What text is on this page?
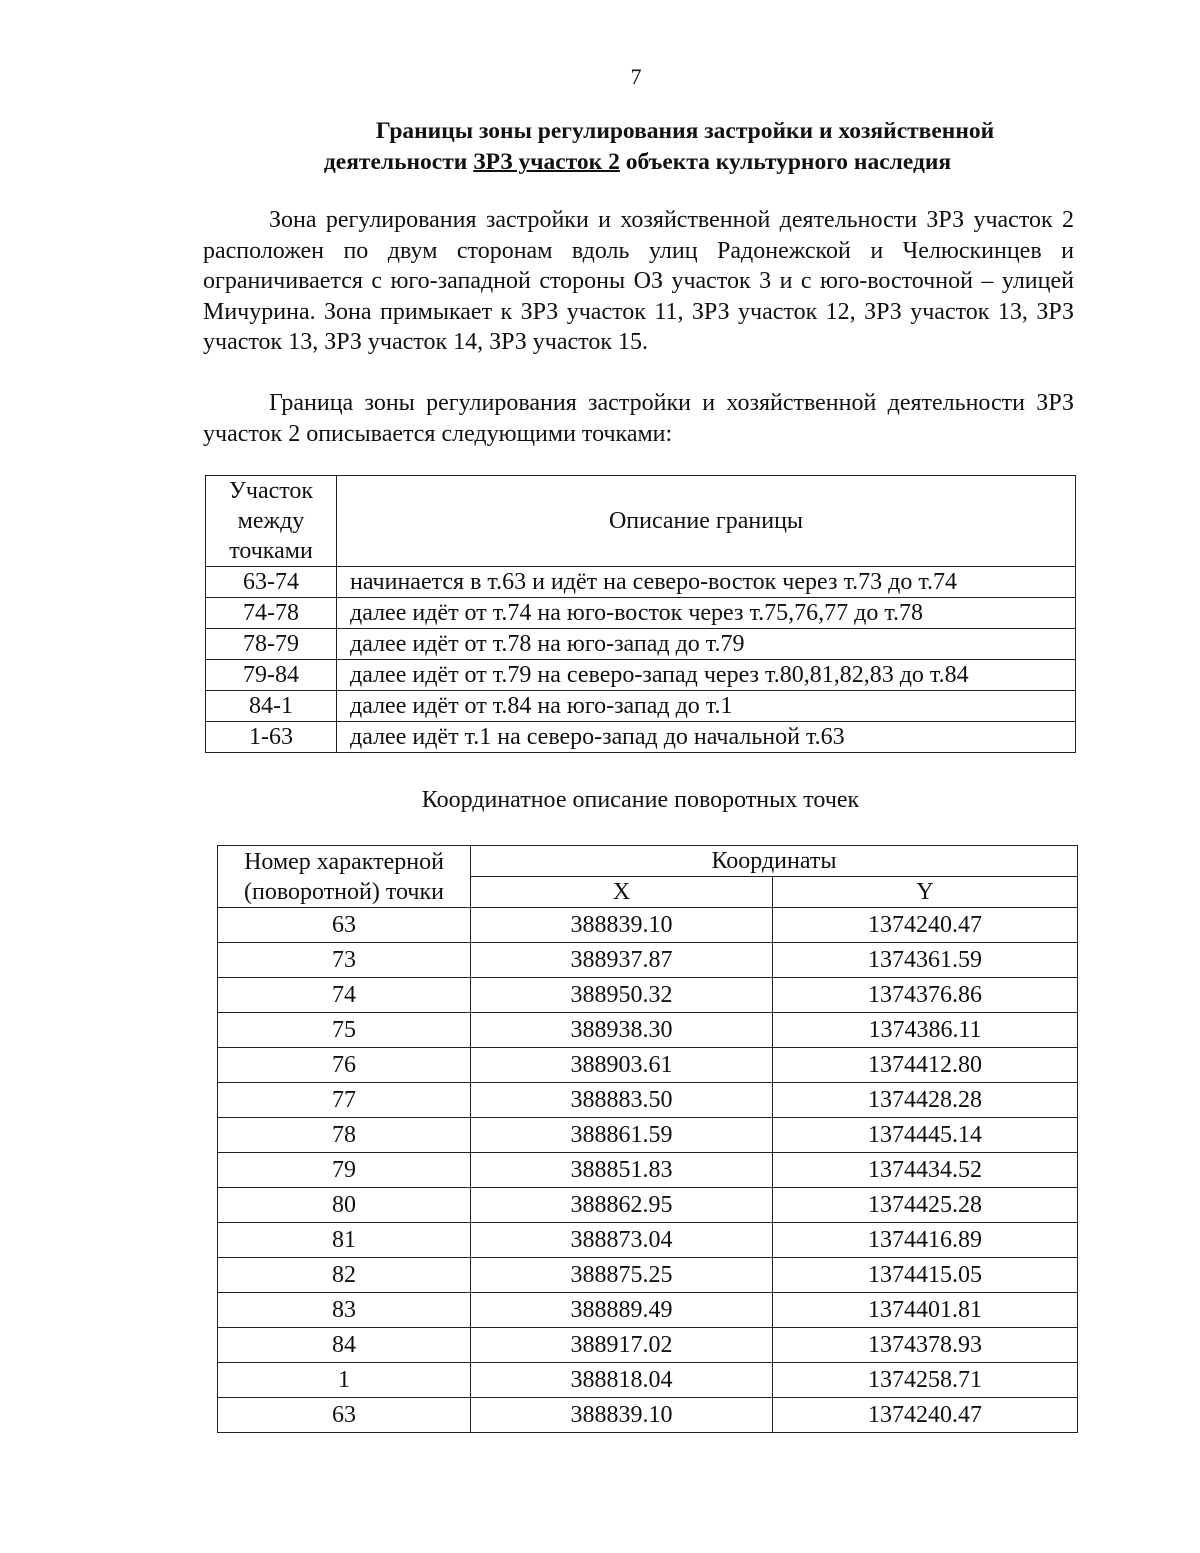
7
Границы зоны регулирования застройки и хозяйственной
деятельности ЗРЗ участок 2 объекта культурного наследия

Зона регулирования застройки и хозяйственной деятельности ЗРЗ участок 2 расположен по двум сторонам вдоль улиц Радонежской и Челюскинцев и ограничивается с юго-западной стороны ОЗ участок 3 и с юго-восточной – улицей Мичурина. Зона примыкает к ЗРЗ участок 11, ЗРЗ участок 12, ЗРЗ участок 13, ЗРЗ участок 13, ЗРЗ участок 14, ЗРЗ участок 15.

Граница зоны регулирования застройки и хозяйственной деятельности ЗРЗ участок 2 описывается следующими точками:

Участок
между
точками	Описание границы
63-74	начинается в т.63 и идёт на северо-восток через т.73 до т.74
74-78	далее идёт от т.74 на юго-восток через т.75,76,77 до т.78
78-79	далее идёт от т.78 на юго-запад до т.79
79-84	далее идёт от т.79 на северо-запад через т.80,81,82,83 до т.84
84-1	далее идёт от т.84 на юго-запад до т.1
1-63	далее идёт т.1 на северо-запад до начальной т.63
Координатное описание поворотных точек
Номер характерной
(поворотной) точки	Координаты	
	X	Y
63	388839.10	1374240.47
73	388937.87	1374361.59
74	388950.32	1374376.86
75	388938.30	1374386.11
76	388903.61	1374412.80
77	388883.50	1374428.28
78	388861.59	1374445.14
79	388851.83	1374434.52
80	388862.95	1374425.28
81	388873.04	1374416.89
82	388875.25	1374415.05
83	388889.49	1374401.81
84	388917.02	1374378.93
1	388818.04	1374258.71
63	388839.10	1374240.47
